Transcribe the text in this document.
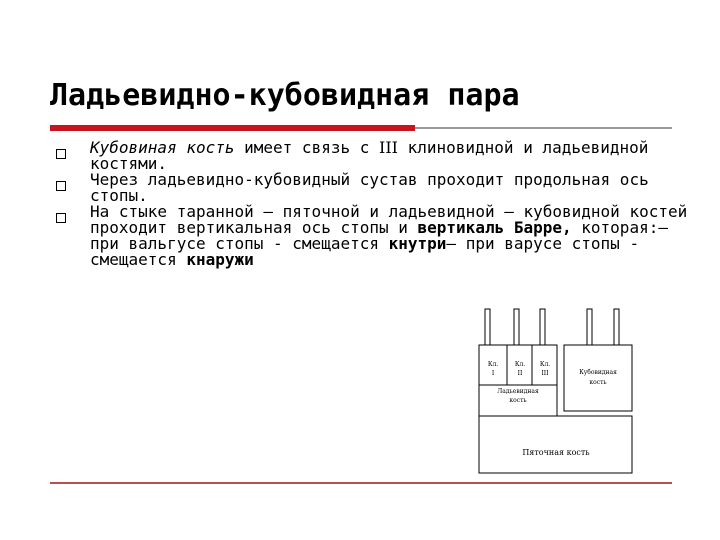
Ладьевидно-кубовидная пара
Кубовиная кость имеет связь с III клиновидной и ладьевидной костями.
Через ладьевидно-кубовидный сустав проходит продольная ось стопы.
На стыке таранной – пяточной и ладьевидной – кубовидной костей проходит вертикальная ось стопы и вертикаль Барре, которая:– при вальгусе стопы - смещается кнутри– при варусе стопы - смещается кнаружи
Кл.
I
Кл.
II
Кл.
III	Кубовидная
кость
Ладьевидная
кость
Пяточная кость
